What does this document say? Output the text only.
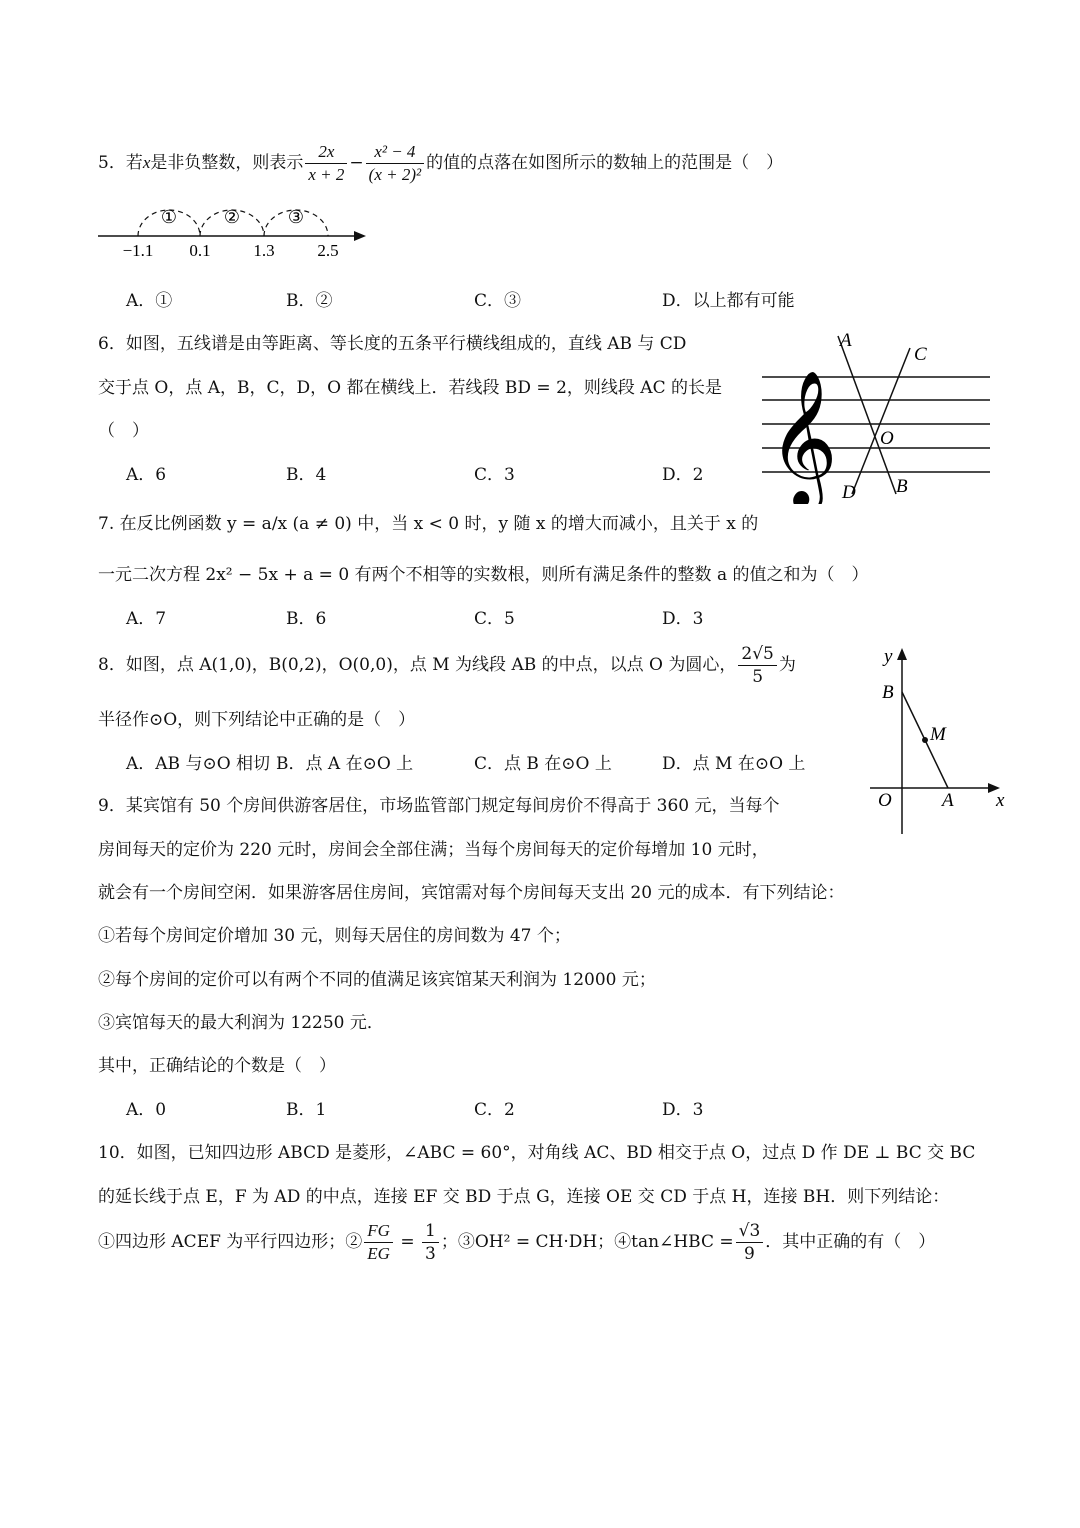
5．若x是非负整数，则表示 $\frac{2x}{x + 2} - \frac{\text{x² − 4}}{\text{(x + 2)²}}$ 的值的点落在如图所示的数轴上的范围是（　）
①	②	③
−1.1 0.1	1.3	2.5
A．①	B．②	C．③	D．以上都有可能
6．如图，五线谱是由等距离、等长度的五条平行横线组成的，直线 AB 与 CD
交于点 O，点 A，B，C，D，O 都在横线上．若线段 BD = 2，则线段 AC 的长是
（　）
A．6	B．4	C．3	D．2 𝄞
A
C
O
D B
7. 在反比例函数 y = a/x (a ≠ 0) 中，当 x < 0 时，y 随 x 的增大而减小，且关于 x 的
一元二次方程 2x² − 5x + a = 0 有两个不相等的实数根，则所有满足条件的整数 a 的值之和为（　）
A．7	B．6	C．5	D．3
8．如图，点 A(1,0)，B(0,2)，O(0,0)，点 M 为线段 AB 的中点，以点 O 为圆心， $\frac{2√5}{5}$ 为
半径作⊙O，则下列结论中正确的是（　）
A．AB 与⊙O 相切 B．点 A 在⊙O 上	C．点 B 在⊙O 上	D．点 M 在⊙O 上
y
B
M
O	A x
9．某宾馆有 50 个房间供游客居住，市场监管部门规定每间房价不得高于 360 元，当每个
房间每天的定价为 220 元时，房间会全部住满；当每个房间每天的定价每增加 10 元时，
就会有一个房间空闲．如果游客居住房间，宾馆需对每个房间每天支出 20 元的成本．有下列结论：
①若每个房间定价增加 30 元，则每天居住的房间数为 47 个；
②每个房间的定价可以有两个不同的值满足该宾馆某天利润为 12000 元；
③宾馆每天的最大利润为 12250 元．
其中，正确结论的个数是（　）
A．0	B．1	C．2	D．3
10．如图，已知四边形 ABCD 是菱形，∠ABC = 60°，对角线 AC、BD 相交于点 O，过点 D 作 DE ⊥ BC 交 BC
的延长线于点 E，F 为 AD 的中点，连接 EF 交 BD 于点 G，连接 OE 交 CD 于点 H，连接 BH．则下列结论：
①四边形 ACEF 为平行四边形；② $\frac{FG}{EG} = \frac{1}{3}$ ；③OH² = CH·DH；④tan∠HBC = $\frac{√3}{9}$ ．其中正确的有（　）
